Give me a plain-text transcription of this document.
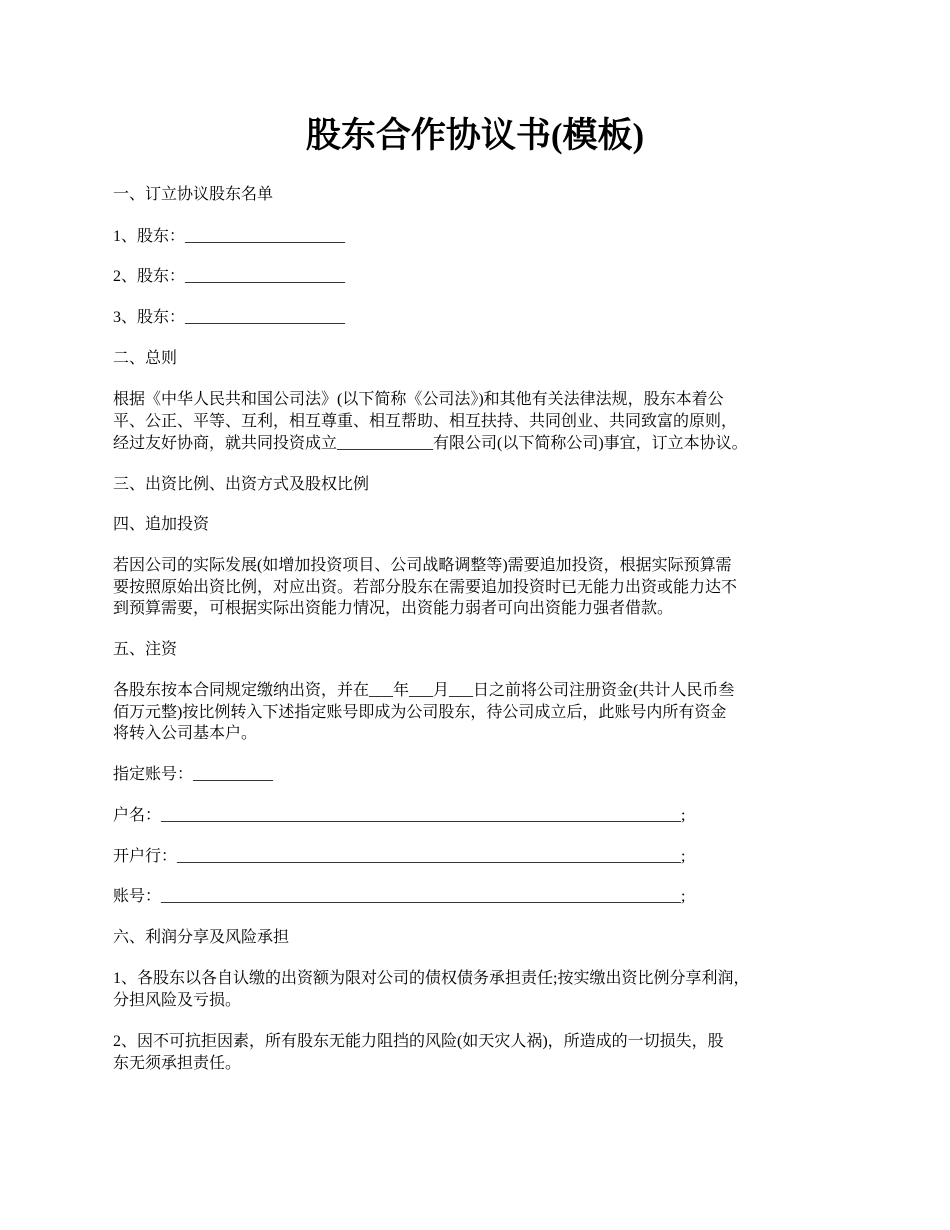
股东合作协议书(模板)
一、订立协议股东名单
1、股东：____________________
2、股东：____________________
3、股东：____________________
二、总则
根据《中华人民共和国公司法》(以下简称《公司法》)和其他有关法律法规，股东本着公
平、公正、平等、互利，相互尊重、相互帮助、相互扶持、共同创业、共同致富的原则，
经过友好协商，就共同投资成立____________有限公司(以下简称公司)事宜，订立本协议。
三、出资比例、出资方式及股权比例
四、追加投资
若因公司的实际发展(如增加投资项目、公司战略调整等)需要追加投资，根据实际预算需
要按照原始出资比例，对应出资。若部分股东在需要追加投资时已无能力出资或能力达不
到预算需要，可根据实际出资能力情况，出资能力弱者可向出资能力强者借款。
五、注资
各股东按本合同规定缴纳出资，并在___年___月___日之前将公司注册资金(共计人民币叁
佰万元整)按比例转入下述指定账号即成为公司股东，待公司成立后，此账号内所有资金
将转入公司基本户。
指定账号：__________
户名：_________________________________________________________________;
开户行：_______________________________________________________________;
账号：_________________________________________________________________;
六、利润分享及风险承担
1、各股东以各自认缴的出资额为限对公司的债权债务承担责任;按实缴出资比例分享利润，
分担风险及亏损。
2、因不可抗拒因素，所有股东无能力阻挡的风险(如天灾人祸)，所造成的一切损失，股
东无须承担责任。
